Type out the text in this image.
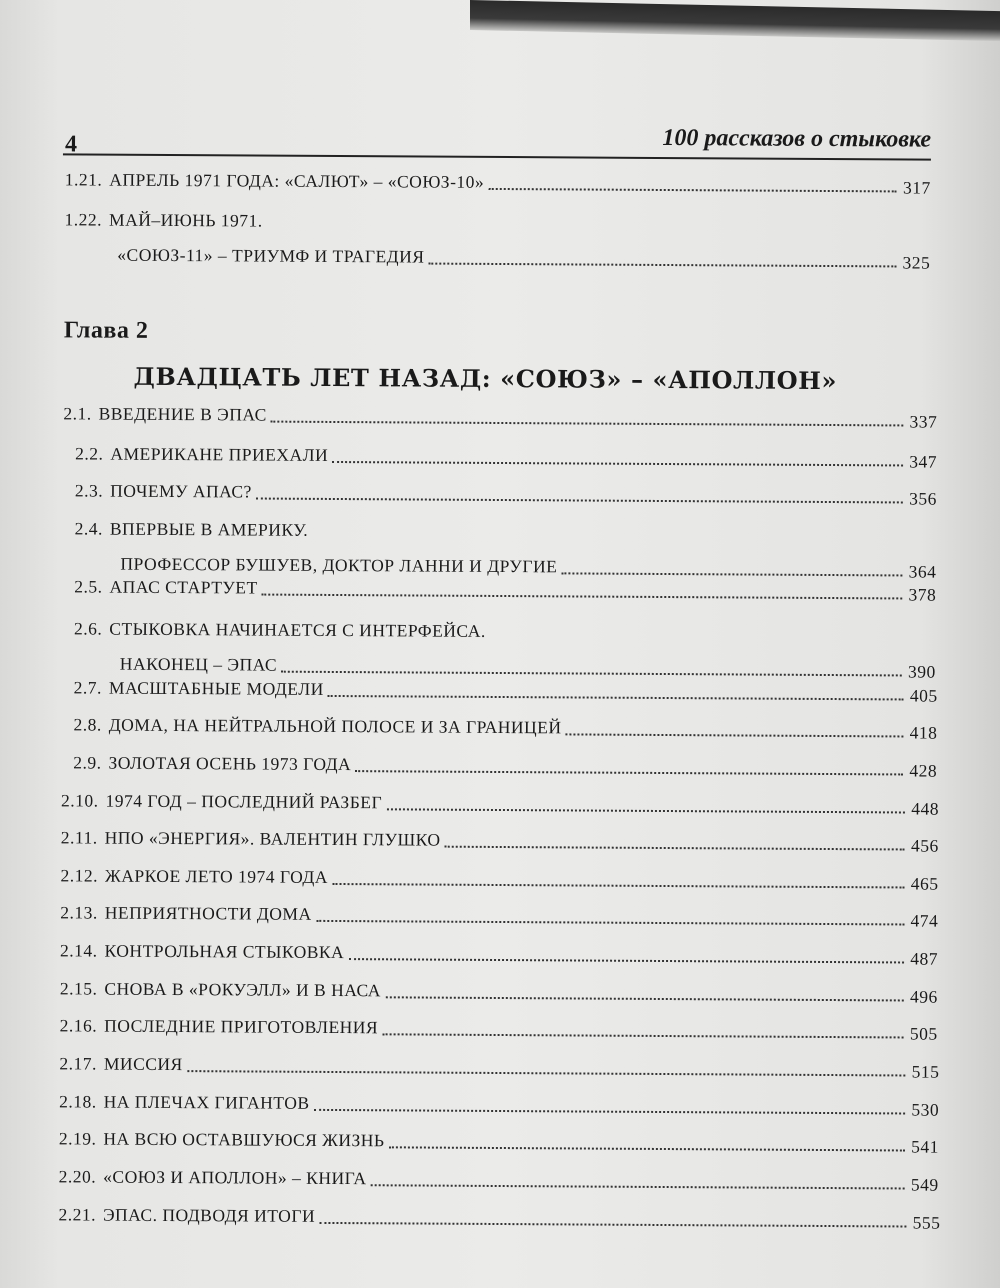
4	100 рассказов о стыковке
1.21. АПРЕЛЬ 1971 ГОДА: «САЛЮТ» – «СОЮЗ-10»	317
1.22. МАЙ–ИЮНЬ 1971.
«СОЮЗ-11» – ТРИУМФ И ТРАГЕДИЯ	325
Глава 2
ДВАДЦАТЬ ЛЕТ НАЗАД: «СОЮЗ» – «АПОЛЛОН»
2.1. ВВЕДЕНИЕ В ЭПАС	337
2.2. АМЕРИКАНЕ ПРИЕХАЛИ	347
2.3. ПОЧЕМУ АПАС?	356
2.4. ВПЕРВЫЕ В АМЕРИКУ.
ПРОФЕССОР БУШУЕВ, ДОКТОР ЛАННИ И ДРУГИЕ	364
2.5. АПАС СТАРТУЕТ	378
2.6. СТЫКОВКА НАЧИНАЕТСЯ С ИНТЕРФЕЙСА.
НАКОНЕЦ – ЭПАС	390
2.7. МАСШТАБНЫЕ МОДЕЛИ	405
2.8. ДОМА, НА НЕЙТРАЛЬНОЙ ПОЛОСЕ И ЗА ГРАНИЦЕЙ	418
2.9. ЗОЛОТАЯ ОСЕНЬ 1973 ГОДА	428
2.10. 1974 ГОД – ПОСЛЕДНИЙ РАЗБЕГ	448
2.11. НПО «ЭНЕРГИЯ». ВАЛЕНТИН ГЛУШКО	456
2.12. ЖАРКОЕ ЛЕТО 1974 ГОДА	465
2.13. НЕПРИЯТНОСТИ ДОМА	474
2.14. КОНТРОЛЬНАЯ СТЫКОВКА	487
2.15. СНОВА В «РОКУЭЛЛ» И В НАСА	496
2.16. ПОСЛЕДНИЕ ПРИГОТОВЛЕНИЯ	505
2.17. МИССИЯ	515
2.18. НА ПЛЕЧАХ ГИГАНТОВ	530
2.19. НА ВСЮ ОСТАВШУЮСЯ ЖИЗНЬ	541
2.20. «СОЮЗ И АПОЛЛОН» – КНИГА	549
2.21. ЭПАС. ПОДВОДЯ ИТОГИ	555
